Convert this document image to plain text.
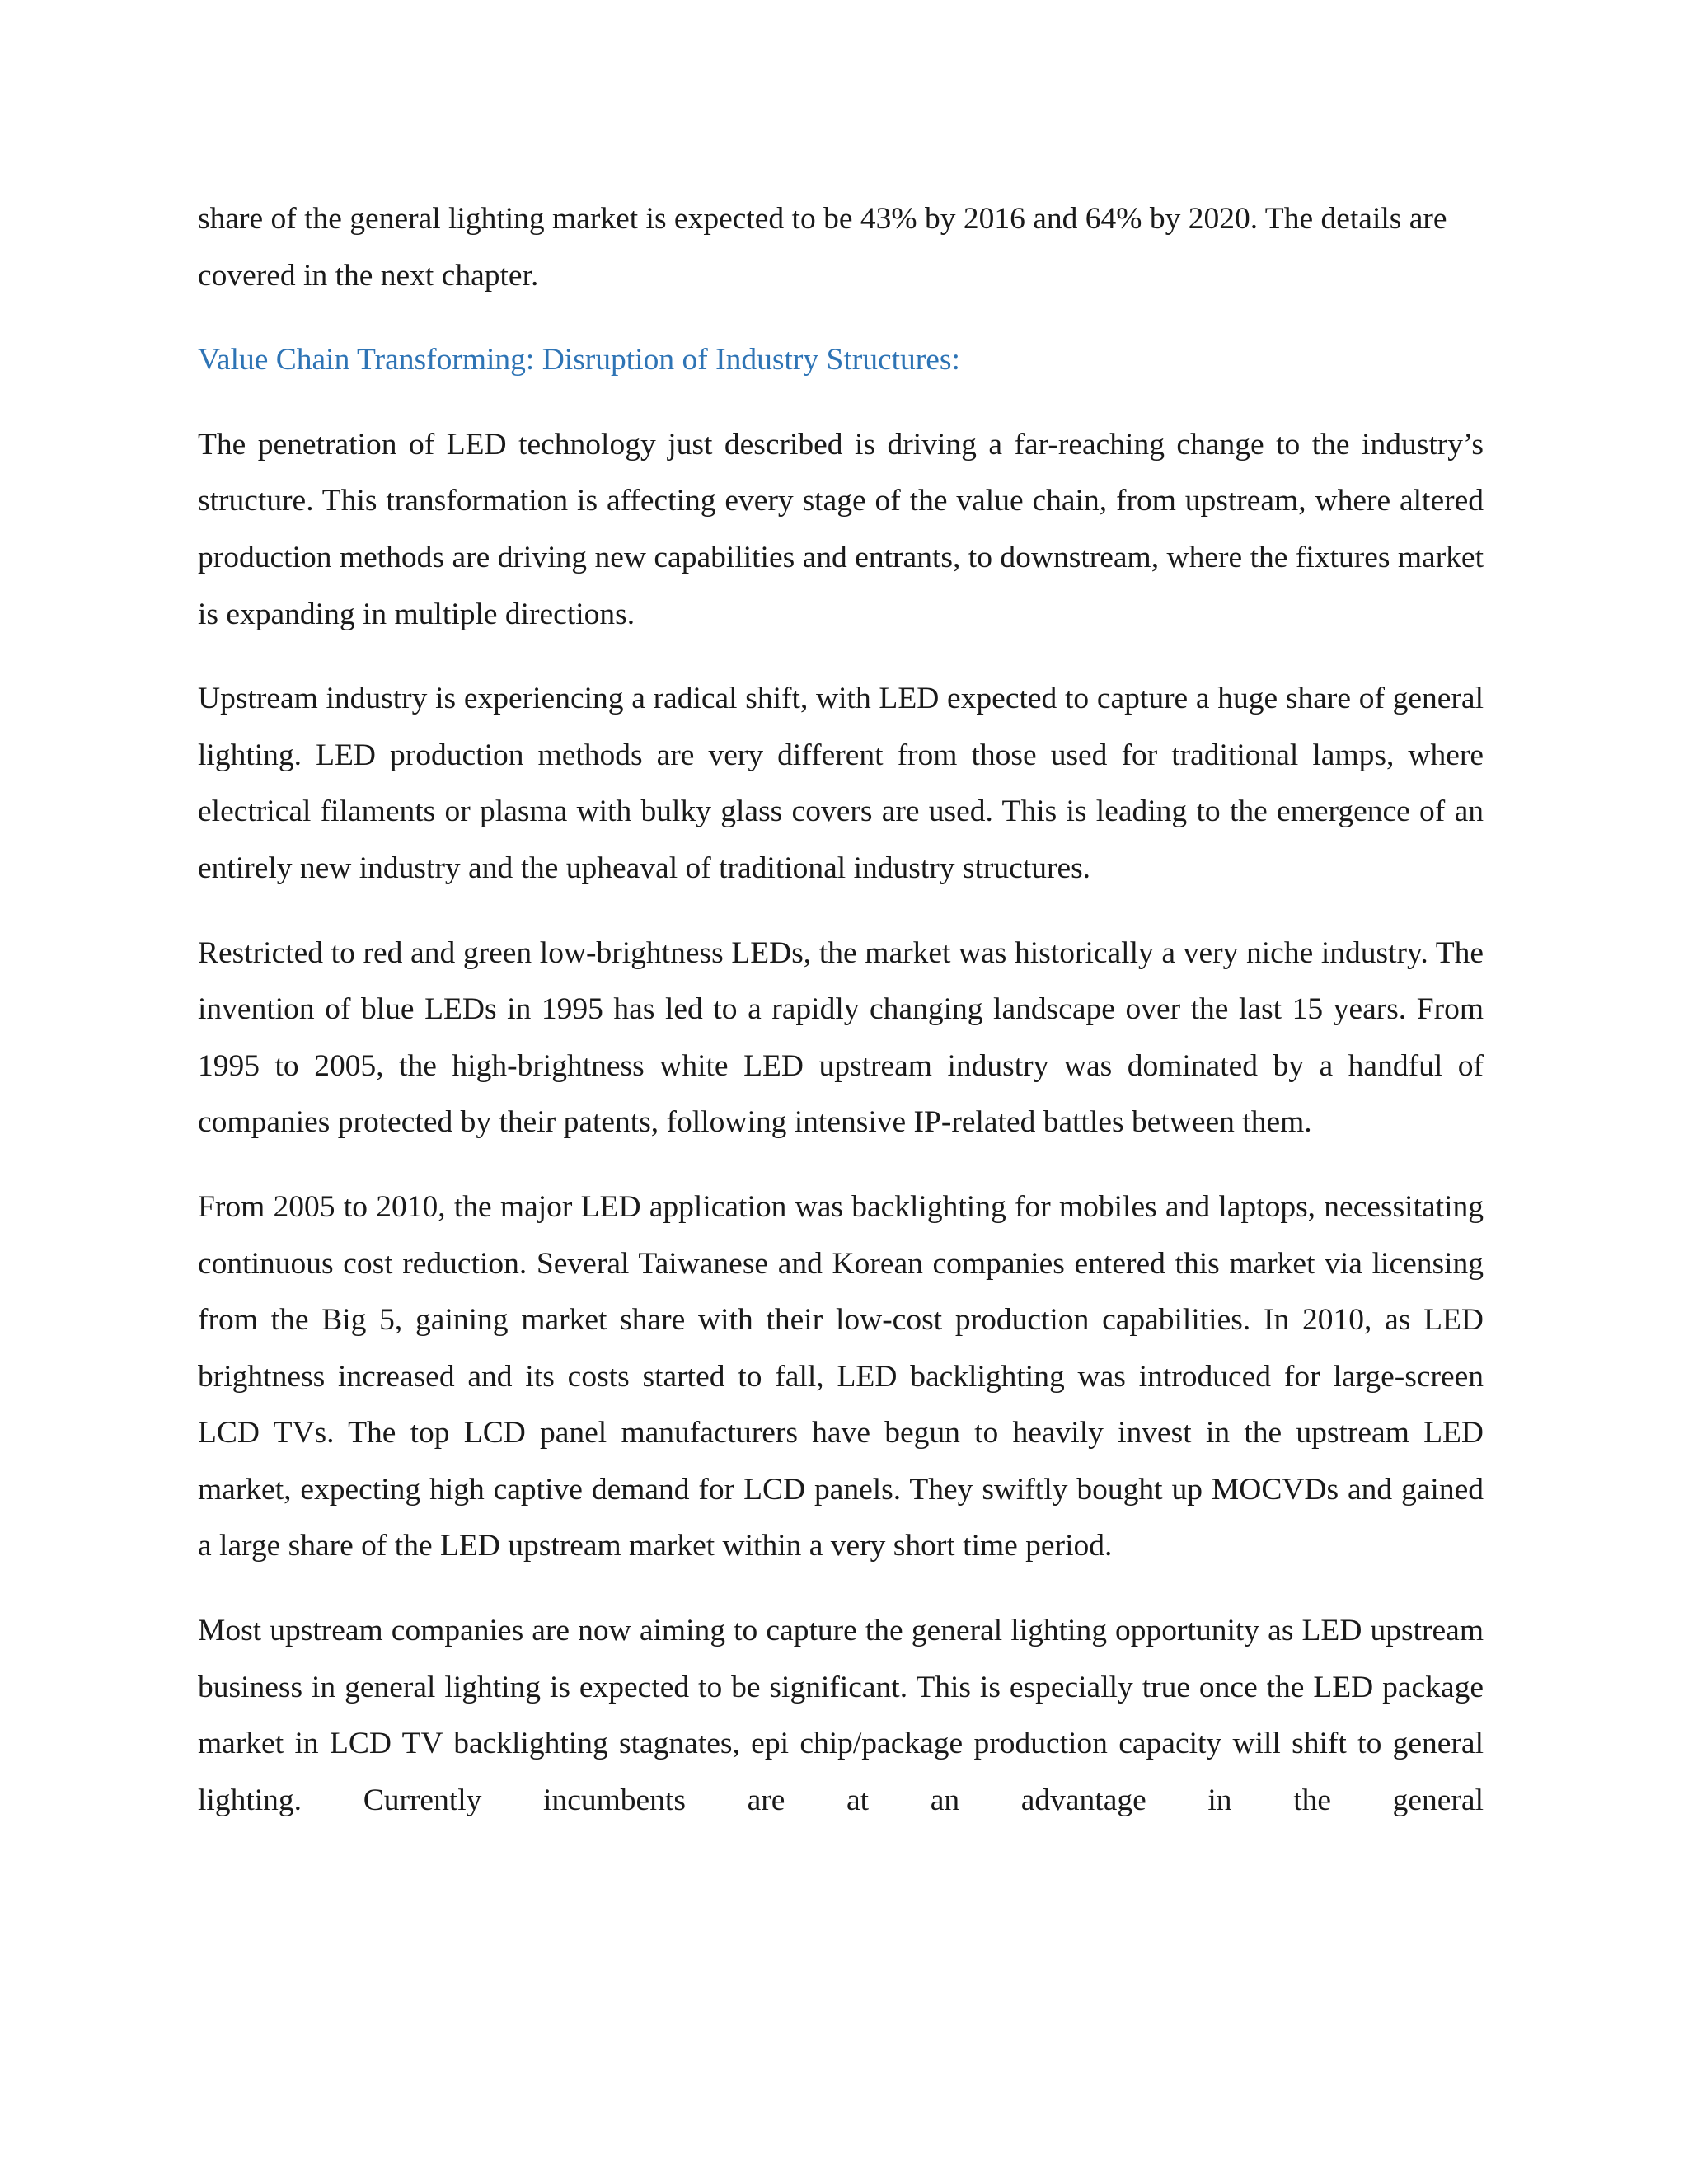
share of the general lighting market is expected to be 43% by 2016 and 64% by 2020. The details are covered in the next chapter.

Value Chain Transforming: Disruption of Industry Structures:

The penetration of LED technology just described is driving a far-reaching change to the industry’s structure. This transformation is affecting every stage of the value chain, from upstream, where altered production methods are driving new capabilities and entrants, to downstream, where the fixtures market is expanding in multiple directions.

Upstream industry is experiencing a radical shift, with LED expected to capture a huge share of general lighting. LED production methods are very different from those used for traditional lamps, where electrical filaments or plasma with bulky glass covers are used. This is leading to the emergence of an entirely new industry and the upheaval of traditional industry structures.

Restricted to red and green low-brightness LEDs, the market was historically a very niche industry. The invention of blue LEDs in 1995 has led to a rapidly changing landscape over the last 15 years. From 1995 to 2005, the high-brightness white LED upstream industry was dominated by a handful of companies protected by their patents, following intensive IP-related battles between them.

From 2005 to 2010, the major LED application was backlighting for mobiles and laptops, necessitating continuous cost reduction. Several Taiwanese and Korean companies entered this market via licensing from the Big 5, gaining market share with their low-cost production capabilities. In 2010, as LED brightness increased and its costs started to fall, LED backlighting was introduced for large-screen LCD TVs. The top LCD panel manufacturers have begun to heavily invest in the upstream LED market, expecting high captive demand for LCD panels. They swiftly bought up MOCVDs and gained a large share of the LED upstream market within a very short time period.

Most upstream companies are now aiming to capture the general lighting opportunity as LED upstream business in general lighting is expected to be significant. This is especially true once the LED package market in LCD TV backlighting stagnates, epi chip/package production capacity will shift to general lighting. Currently incumbents are at an advantage in the general
